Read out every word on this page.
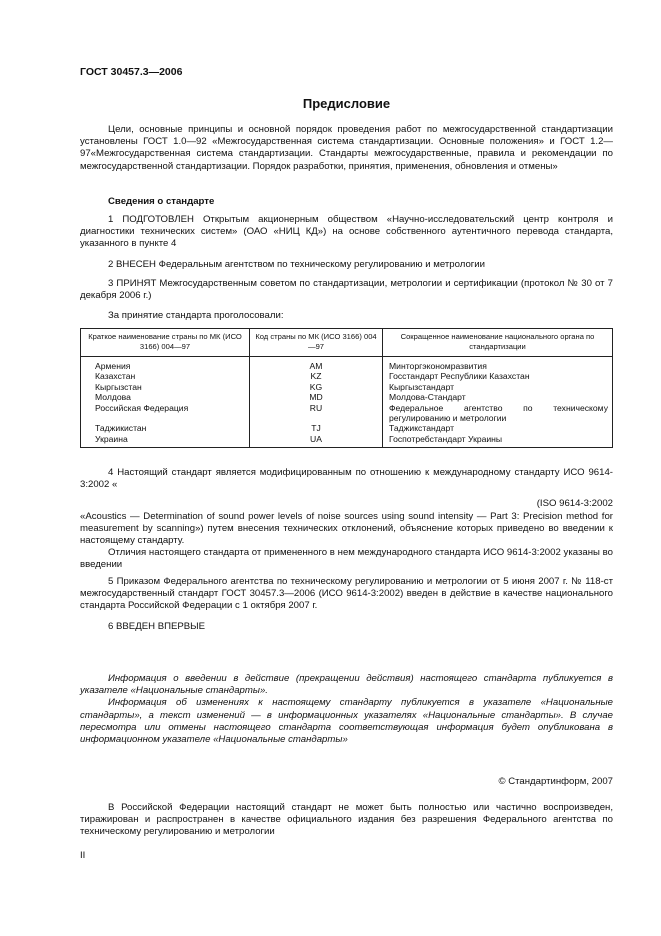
ГОСТ 30457.3—2006
Предисловие

Цели, основные принципы и основной порядок проведения работ по межгосударственной стандартизации установлены ГОСТ 1.0—92 «Межгосударственная система стандартизации. Основные положения» и ГОСТ 1.2—97«Межгосударственная система стандартизации. Стандарты межгосударственные, правила и рекомендации по межгосударственной стандартизации. Порядок разработки, принятия, применения, обновления и отмены»

Сведения о стандарте

1 ПОДГОТОВЛЕН Открытым акционерным обществом «Научно-исследовательский центр контроля и диагностики технических систем» (ОАО «НИЦ КД») на основе собственного аутентичного перевода стандарта, указанного в пункте 4

2 ВНЕСЕН Федеральным агентством по техническому регулированию и метрологии

3 ПРИНЯТ Межгосударственным советом по стандартизации, метрологии и сертификации (протокол № 30 от 7 декабря 2006 г.)

За принятие стандарта проголосовали:

Краткое наименование страны по МК (ИСО 3166) 004—97	Код страны по МК (ИСО 3166) 004—97	Сокращенное наименование национального органа по стандартизации
Армения	AM	Минторгэкономразвития
Казахстан	KZ	Госстандарт Республики Казахстан
Кыргызстан	KG	Кыргызстандарт
Молдова	MD	Молдова-Стандарт
Российская Федерация	RU	Федеральное агентство по техническому регулированию и метрологии
Таджикистан	TJ	Таджикстандарт
Украина	UA	Госпотребстандарт Украины

4 Настоящий стандарт является модифицированным по отношению к международному стандарту ИСО 9614-3:2002 «

(ISO 9614-3:2002

«Acoustics — Determination of sound power levels of noise sources using sound intensity — Part 3: Precision method for measurement by scanning») путем внесения технических отклонений, объяснение которых приведено во введении к настоящему стандарту.

Отличия настоящего стандарта от примененного в нем международного стандарта ИСО 9614-3:2002 указаны во введении

5 Приказом Федерального агентства по техническому регулированию и метрологии от 5 июня 2007 г. № 118-ст межгосударственный стандарт ГОСТ 30457.3—2006 (ИСО 9614-3:2002) введен в действие в качестве национального стандарта Российской Федерации с 1 октября 2007 г.

6 ВВЕДЕН ВПЕРВЫЕ

Информация о введении в действие (прекращении действия) настоящего стандарта публикуется в указателе «Национальные стандарты».

Информация об изменениях к настоящему стандарту публикуется в указателе «Национальные стандарты», а текст изменений — в информационных указателях «Национальные стандарты». В случае пересмотра или отмены настоящего стандарта соответствующая информация будет опубликована в информационном указателе «Национальные стандарты»

© Стандартинформ, 2007

В Российской Федерации настоящий стандарт не может быть полностью или частично воспроизведен, тиражирован и распространен в качестве официального издания без разрешения Федерального агентства по техническому регулированию и метрологии

II
